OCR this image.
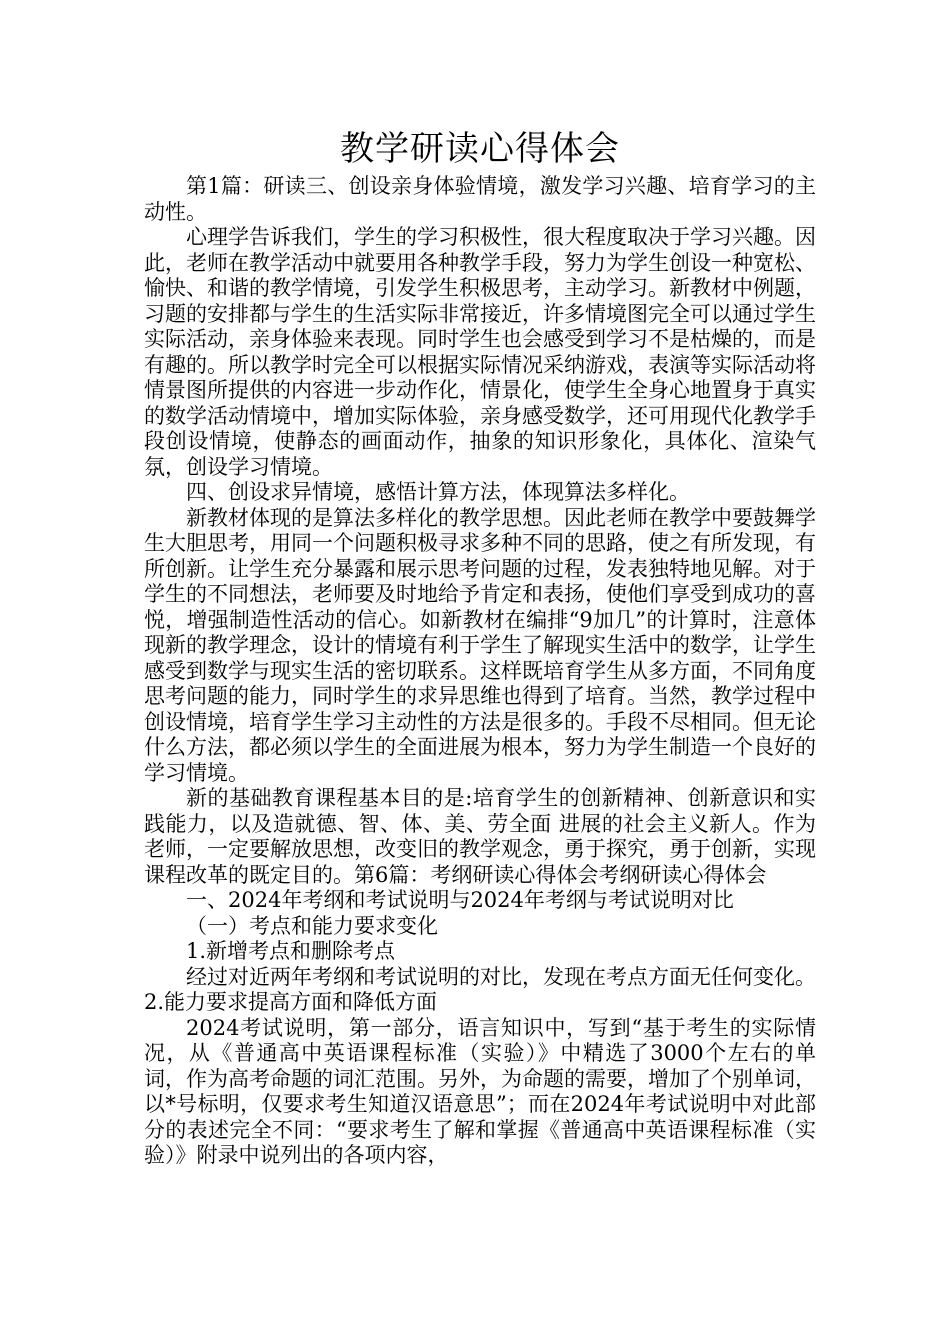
教学研读心得体会

第1篇：研读三、创设亲身体验情境，激发学习兴趣、培育学习的主动性。

心理学告诉我们，学生的学习积极性，很大程度取决于学习兴趣。因此，老师在教学活动中就要用各种教学手段，努力为学生创设一种宽松、愉快、和谐的教学情境，引发学生积极思考，主动学习。新教材中例题，习题的安排都与学生的生活实际非常接近，许多情境图完全可以通过学生实际活动，亲身体验来表现。同时学生也会感受到学习不是枯燥的，而是有趣的。所以教学时完全可以根据实际情况采纳游戏，表演等实际活动将情景图所提供的内容进一步动作化，情景化，使学生全身心地置身于真实的数学活动情境中，增加实际体验，亲身感受数学，还可用现代化教学手段创设情境，使静态的画面动作，抽象的知识形象化，具体化、渲染气氛，创设学习情境。

四、创设求异情境，感悟计算方法，体现算法多样化。

新教材体现的是算法多样化的教学思想。因此老师在教学中要鼓舞学生大胆思考，用同一个问题积极寻求多种不同的思路，使之有所发现，有所创新。让学生充分暴露和展示思考问题的过程，发表独特地见解。对于学生的不同想法，老师要及时地给予肯定和表扬，使他们享受到成功的喜悦，增强制造性活动的信心。如新教材在编排“9加几”的计算时，注意体现新的教学理念，设计的情境有利于学生了解现实生活中的数学，让学生感受到数学与现实生活的密切联系。这样既培育学生从多方面，不同角度思考问题的能力，同时学生的求异思维也得到了培育。当然，教学过程中创设情境，培育学生学习主动性的方法是很多的。手段不尽相同。但无论什么方法，都必须以学生的全面进展为根本，努力为学生制造一个良好的学习情境。

新的基础教育课程基本目的是:培育学生的创新精神、创新意识和实践能力，以及造就德、智、体、美、劳全面 进展的社会主义新人。作为老师，一定要解放思想，改变旧的教学观念，勇于探究，勇于创新，实现课程改革的既定目的。第6篇：考纲研读心得体会考纲研读心得体会

一、2024年考纲和考试说明与2024年考纲与考试说明对比

（一）考点和能力要求变化

1.新增考点和删除考点

经过对近两年考纲和考试说明的对比，发现在考点方面无任何变化。 2.能力要求提高方面和降低方面

2024考试说明，第一部分，语言知识中，写到“基于考生的实际情况，从《普通高中英语课程标准（实验）》中精选了3000个左右的单词，作为高考命题的词汇范围。另外，为命题的需要，增加了个别单词，以*号标明，仅要求考生知道汉语意思”；而在2024年考试说明中对此部分的表述完全不同：“要求考生了解和掌握《普通高中英语课程标准（实验）》附录中说列出的各项内容，
